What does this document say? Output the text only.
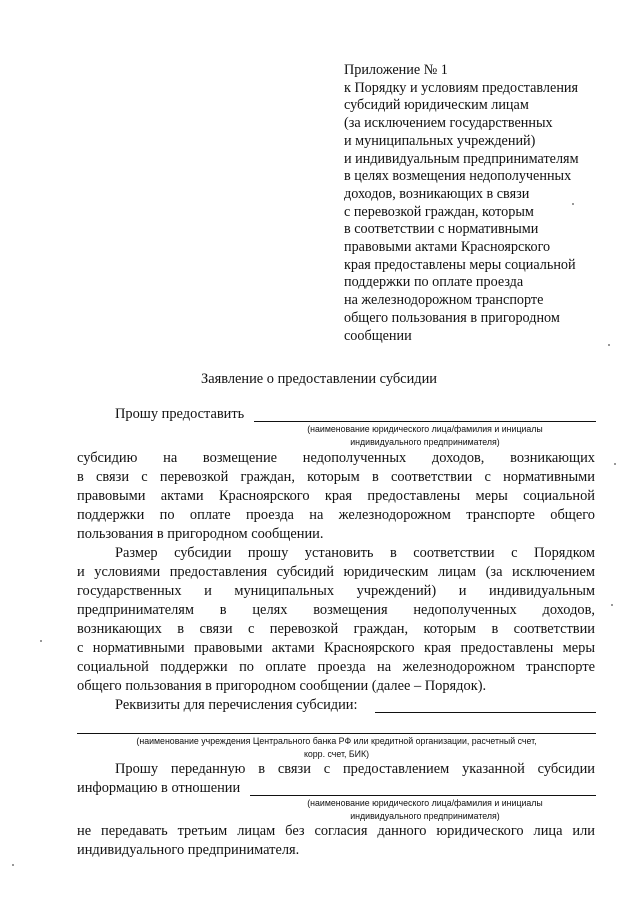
Приложение № 1
к Порядку и условиям предоставления
субсидий юридическим лицам
(за исключением государственных
и муниципальных учреждений)
и индивидуальным предпринимателям
в целях возмещения недополученных
доходов, возникающих в связи
с перевозкой граждан, которым
в соответствии с нормативными
правовыми актами Красноярского
края предоставлены меры социальной
поддержки по оплате проезда
на железнодорожном транспорте
общего пользования в пригородном
сообщении
Заявление о предоставлении субсидии
Прошу предоставить
(наименование юридического лица/фамилия и инициалы
индивидуального предпринимателя)
субсидию на возмещение недополученных доходов, возникающих
в связи с перевозкой граждан, которым в соответствии с нормативными
правовыми актами Красноярского края предоставлены меры социальной
поддержки по оплате проезда на железнодорожном транспорте общего
пользования в пригородном сообщении.
Размер субсидии прошу установить в соответствии с Порядком
и условиями предоставления субсидий юридическим лицам (за исключением
государственных и муниципальных учреждений) и индивидуальным
предпринимателям в целях возмещения недополученных доходов,
возникающих в связи с перевозкой граждан, которым в соответствии
с нормативными правовыми актами Красноярского края предоставлены меры
социальной поддержки по оплате проезда на железнодорожном транспорте
общего пользования в пригородном сообщении (далее – Порядок).
Реквизиты для перечисления субсидии:
(наименование учреждения Центрального банка РФ или кредитной организации, расчетный счет,
корр. счет, БИК)
Прошу переданную в связи с предоставлением указанной субсидии
информацию в отношении
(наименование юридического лица/фамилия и инициалы
индивидуального предпринимателя)
не передавать третьим лицам без согласия данного юридического лица или
индивидуального предпринимателя.
